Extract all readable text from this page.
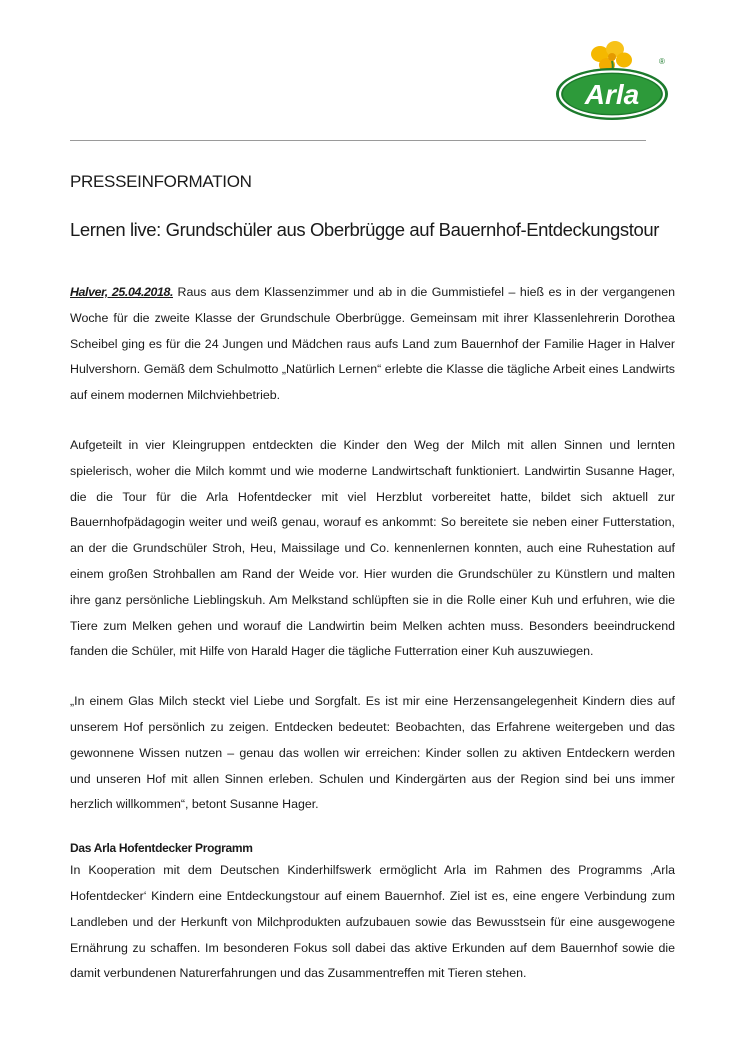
Arla
®
PRESSEINFORMATION
Lernen live: Grundschüler aus Oberbrügge auf Bauernhof-Entdeckungstour

Halver, 25.04.2018. Raus aus dem Klassenzimmer und ab in die Gummistiefel – hieß es in der vergangenen Woche für die zweite Klasse der Grundschule Oberbrügge. Gemeinsam mit ihrer Klassenlehrerin Dorothea Scheibel ging es für die 24 Jungen und Mädchen raus aufs Land zum Bauernhof der Familie Hager in Halver Hulvershorn. Gemäß dem Schulmotto „Natürlich Lernen“ erlebte die Klasse die tägliche Arbeit eines Landwirts auf einem modernen Milchviehbetrieb.

Aufgeteilt in vier Kleingruppen entdeckten die Kinder den Weg der Milch mit allen Sinnen und lernten spielerisch, woher die Milch kommt und wie moderne Landwirtschaft funktioniert. Landwirtin Susanne Hager, die die Tour für die Arla Hofentdecker mit viel Herzblut vorbereitet hatte, bildet sich aktuell zur Bauernhofpädagogin weiter und weiß genau, worauf es ankommt: So bereitete sie neben einer Futterstation, an der die Grundschüler Stroh, Heu, Maissilage und Co. kennenlernen konnten, auch eine Ruhestation auf einem großen Strohballen am Rand der Weide vor. Hier wurden die Grundschüler zu Künstlern und malten ihre ganz persönliche Lieblingskuh. Am Melkstand schlüpften sie in die Rolle einer Kuh und erfuhren, wie die Tiere zum Melken gehen und worauf die Landwirtin beim Melken achten muss. Besonders beeindruckend fanden die Schüler, mit Hilfe von Harald Hager die tägliche Futterration einer Kuh auszuwiegen.

„In einem Glas Milch steckt viel Liebe und Sorgfalt. Es ist mir eine Herzensangelegenheit Kindern dies auf unserem Hof persönlich zu zeigen. Entdecken bedeutet: Beobachten, das Erfahrene weitergeben und das gewonnene Wissen nutzen – genau das wollen wir erreichen: Kinder sollen zu aktiven Entdeckern werden und unseren Hof mit allen Sinnen erleben. Schulen und Kindergärten aus der Region sind bei uns immer herzlich willkommen“, betont Susanne Hager.

Das Arla Hofentdecker Programm

In Kooperation mit dem Deutschen Kinderhilfswerk ermöglicht Arla im Rahmen des Programms ‚Arla Hofentdecker‘ Kindern eine Entdeckungstour auf einem Bauernhof. Ziel ist es, eine engere Verbindung zum Landleben und der Herkunft von Milchprodukten aufzubauen sowie das Bewusstsein für eine ausgewogene Ernährung zu schaffen. Im besonderen Fokus soll dabei das aktive Erkunden auf dem Bauernhof sowie die damit verbundenen Naturerfahrungen und das Zusammentreffen mit Tieren stehen.
